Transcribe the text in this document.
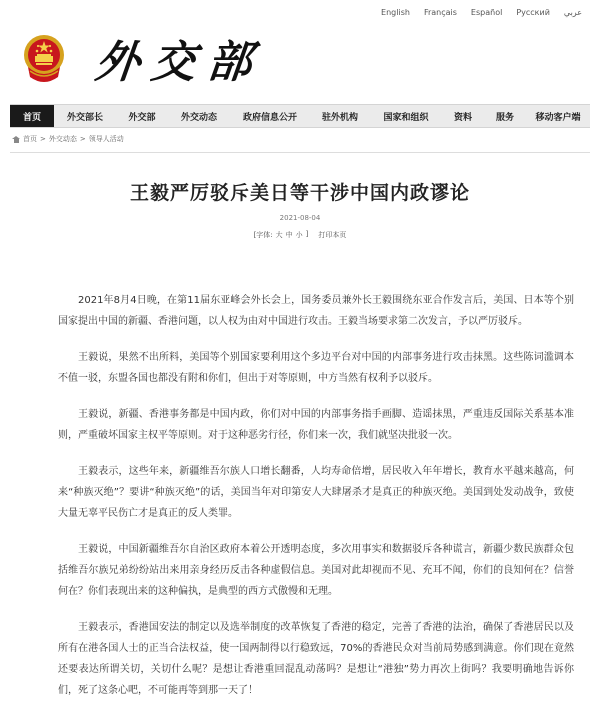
English Français Español Русский عربي
外交部
首页	外交部长	外交部	外交动态	政府信息公开	驻外机构	国家和组织	资料	服务	移动客户端
首页 > 外交动态 > 领导人活动
王毅严厉驳斥美日等干涉中国内政谬论
2021-08-04
[字体: 大 中 小 ] 打印本页

2021年8月4日晚，在第11届东亚峰会外长会上，国务委员兼外长王毅围绕东亚合作发言后，美国、日本等个别国家提出中国的新疆、香港问题，以人权为由对中国进行攻击。王毅当场要求第二次发言，予以严厉驳斥。

王毅说，果然不出所料，美国等个别国家要利用这个多边平台对中国的内部事务进行攻击抹黑。这些陈词滥调本不值一驳，东盟各国也都没有附和你们，但出于对等原则，中方当然有权利予以驳斥。

王毅说，新疆、香港事务都是中国内政，你们对中国的内部事务指手画脚、造谣抹黑，严重违反国际关系基本准则，严重破坏国家主权平等原则。对于这种恶劣行径，你们来一次，我们就坚决批驳一次。

王毅表示，这些年来，新疆维吾尔族人口增长翻番，人均寿命倍增，居民收入年年增长，教育水平越来越高，何来“种族灭绝”？要讲“种族灭绝”的话，美国当年对印第安人大肆屠杀才是真正的种族灭绝。美国到处发动战争，致使大量无辜平民伤亡才是真正的反人类罪。

王毅说，中国新疆维吾尔自治区政府本着公开透明态度，多次用事实和数据驳斥各种谎言，新疆少数民族群众包括维吾尔族兄弟纷纷站出来用亲身经历反击各种虚假信息。美国对此却视而不见、充耳不闻，你们的良知何在？信誉何在？你们表现出来的这种偏执，是典型的西方式傲慢和无理。

王毅表示，香港国安法的制定以及选举制度的改革恢复了香港的稳定，完善了香港的法治，确保了香港居民以及所有在港各国人士的正当合法权益，使一国两制得以行稳致远，70%的香港民众对当前局势感到满意。你们现在竟然还要表达所谓关切，关切什么呢？是想让香港重回混乱动荡吗？是想让“港独”势力再次上街吗？我要明确地告诉你们，死了这条心吧，不可能再等到那一天了！
